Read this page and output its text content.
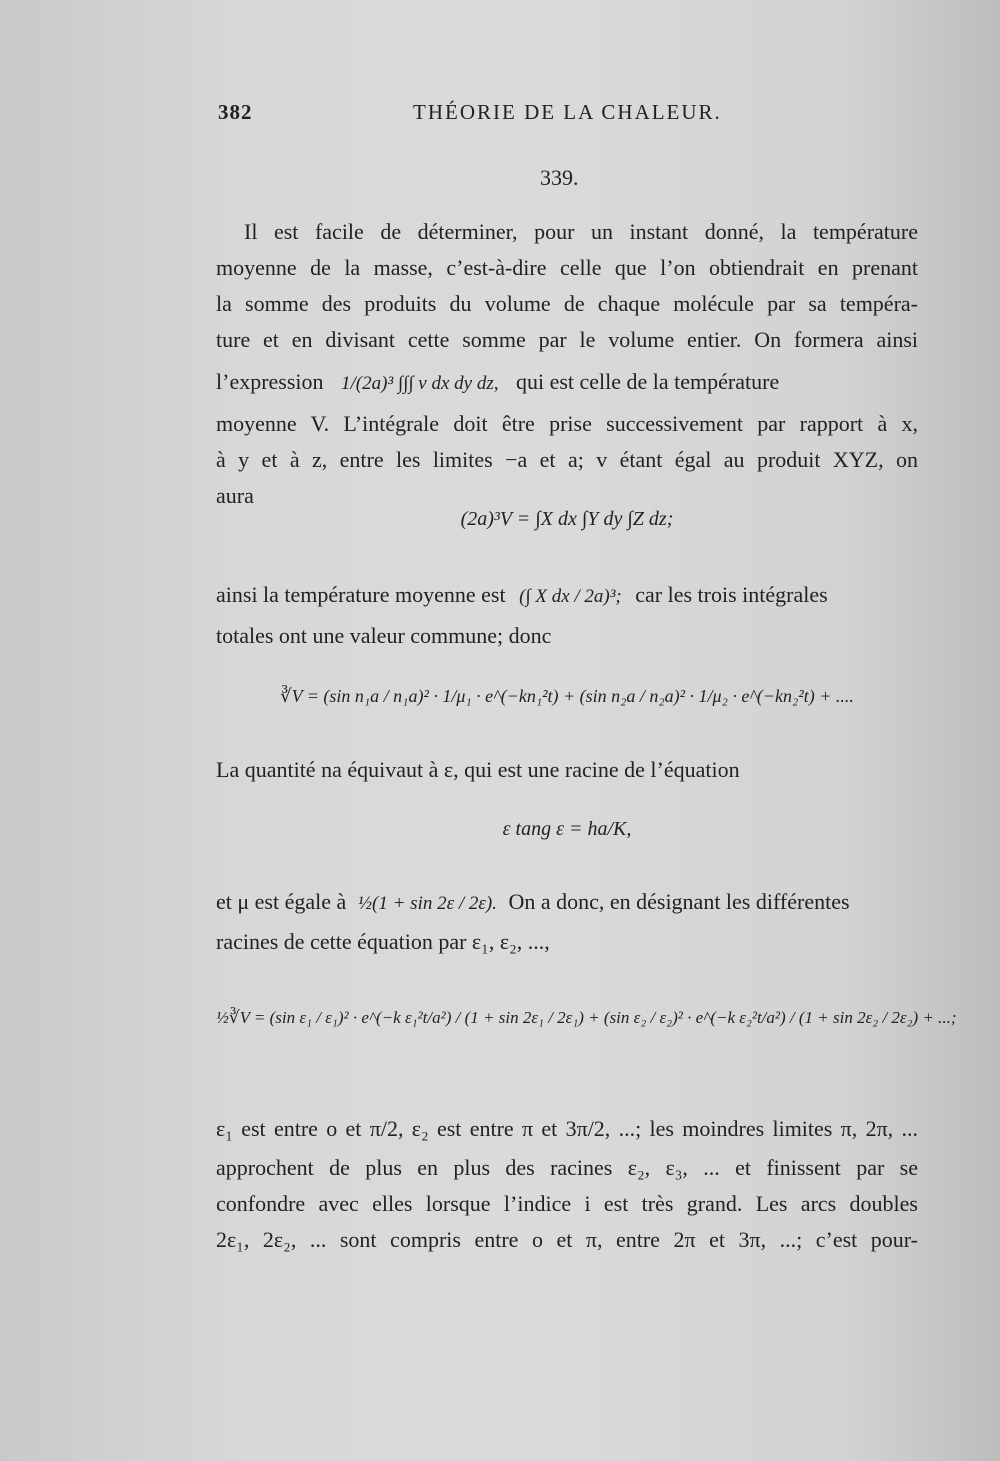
382	THÉORIE DE LA CHALEUR.
339.
Il est facile de déterminer, pour un instant donné, la température
moyenne de la masse, c’est-à-dire celle que l’on obtiendrait en prenant
la somme des produits du volume de chaque molécule par sa tempéra-
ture et en divisant cette somme par le volume entier. On formera ainsi
l’expression 1/(2a)³ ∫∫∫ v dx dy dz, qui est celle de la température
moyenne V. L’intégrale doit être prise successivement par rapport à x,
à y et à z, entre les limites −a et a; v étant égal au produit XYZ, on
aura
(2a)³V = ∫X dx ∫Y dy ∫Z dz;
ainsi la température moyenne est (∫ X dx / 2a)³; car les trois intégrales
totales ont une valeur commune; donc
∛V = (sin n₁a / n₁a)² · 1/μ₁ · e^(−kn₁²t) + (sin n₂a / n₂a)² · 1/μ₂ · e^(−kn₂²t) + ....
La quantité na équivaut à ε, qui est une racine de l’équation
ε tang ε = ha/K,
et μ est égale à ½(1 + sin 2ε / 2ε). On a donc, en désignant les différentes
racines de cette équation par ε₁, ε₂, ...,
½∛V = (sin ε₁ / ε₁)² · e^(−k ε₁²t/a²) / (1 + sin 2ε₁ / 2ε₁) + (sin ε₂ / ε₂)² · e^(−k ε₂²t/a²) / (1 + sin 2ε₂ / 2ε₂) + ...;
ε₁ est entre o et π/2, ε₂ est entre π et 3π/2, ...; les moindres limites π, 2π, ...
approchent de plus en plus des racines ε₂, ε₃, ... et finissent par se
confondre avec elles lorsque l’indice i est très grand. Les arcs doubles
2ε₁, 2ε₂, ... sont compris entre o et π, entre 2π et 3π, ...; c’est pour-
